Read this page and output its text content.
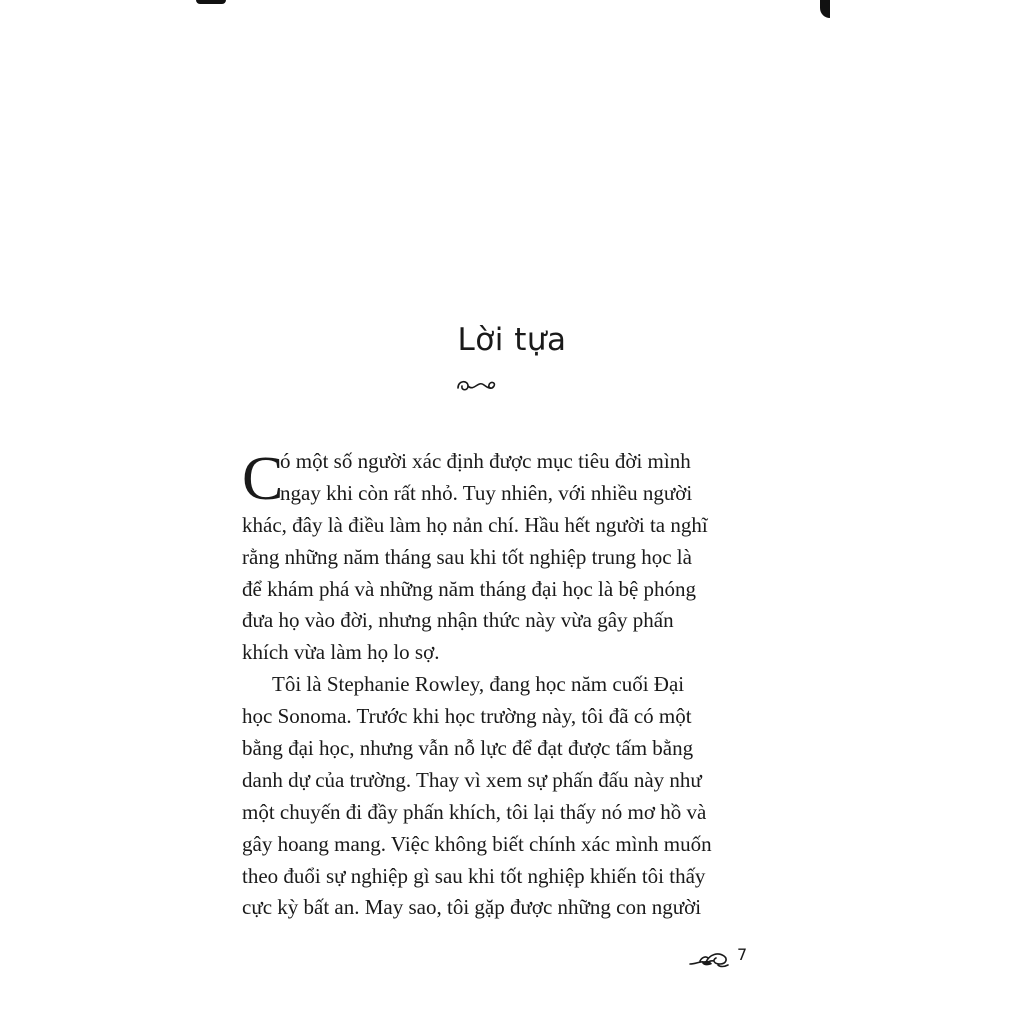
Lời tựa
C
ó một số người xác định được mục tiêu đời mình
ngay khi còn rất nhỏ. Tuy nhiên, với nhiều người
khác, đây là điều làm họ nản chí. Hầu hết người ta nghĩ
rằng những năm tháng sau khi tốt nghiệp trung học là
để khám phá và những năm tháng đại học là bệ phóng
đưa họ vào đời, nhưng nhận thức này vừa gây phấn
khích vừa làm họ lo sợ.
Tôi là Stephanie Rowley, đang học năm cuối Đại
học Sonoma. Trước khi học trường này, tôi đã có một
bằng đại học, nhưng vẫn nỗ lực để đạt được tấm bằng
danh dự của trường. Thay vì xem sự phấn đấu này như
một chuyến đi đầy phấn khích, tôi lại thấy nó mơ hồ và
gây hoang mang. Việc không biết chính xác mình muốn
theo đuổi sự nghiệp gì sau khi tốt nghiệp khiến tôi thấy
cực kỳ bất an. May sao, tôi gặp được những con người
7
